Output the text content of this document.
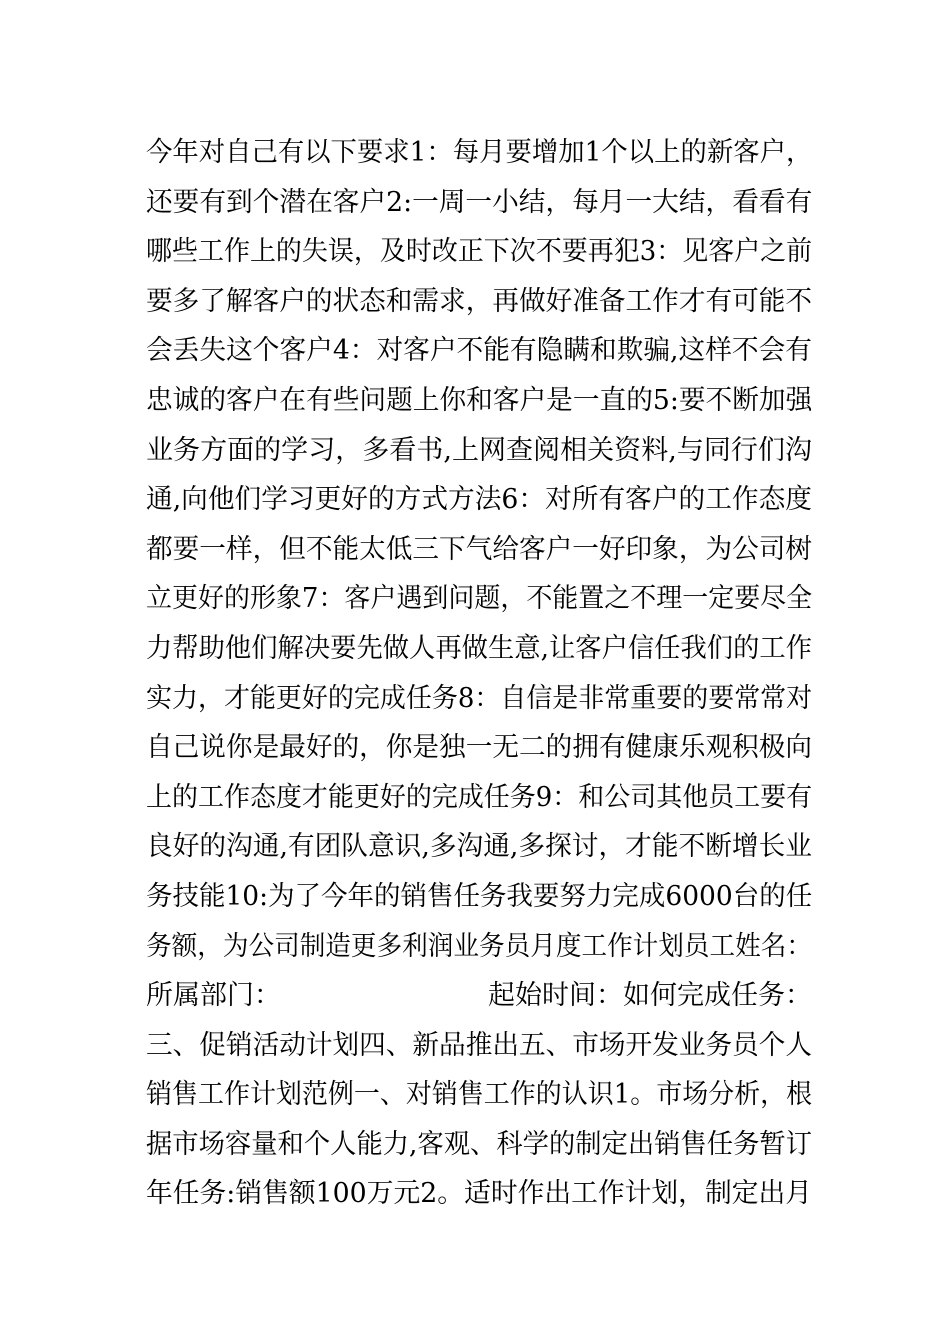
今年对自己有以下要求1：每月要增加1个以上的新客户，
还要有到个潜在客户2:一周一小结，每月一大结，看看有
哪些工作上的失误，及时改正下次不要再犯3：见客户之前
要多了解客户的状态和需求，再做好准备工作才有可能不
会丢失这个客户4：对客户不能有隐瞒和欺骗,这样不会有
忠诚的客户在有些问题上你和客户是一直的5:要不断加强
业务方面的学习，多看书,上网查阅相关资料,与同行们沟
通,向他们学习更好的方式方法6：对所有客户的工作态度
都要一样，但不能太低三下气给客户一好印象，为公司树
立更好的形象7：客户遇到问题，不能置之不理一定要尽全
力帮助他们解决要先做人再做生意,让客户信任我们的工作
实力，才能更好的完成任务8：自信是非常重要的要常常对
自己说你是最好的，你是独一无二的拥有健康乐观积极向
上的工作态度才能更好的完成任务9：和公司其他员工要有
良好的沟通,有团队意识,多沟通,多探讨，才能不断增长业
务技能10:为了今年的销售任务我要努力完成6000台的任
务额，为公司制造更多利润业务员月度工作计划员工姓名：
所属部门：	起始时间：如何完成任务：
三、促销活动计划四、新品推出五、市场开发业务员个人
销售工作计划范例一、对销售工作的认识1。市场分析，根
据市场容量和个人能力,客观、科学的制定出销售任务暂订
年任务:销售额100万元2。适时作出工作计划，制定出月
